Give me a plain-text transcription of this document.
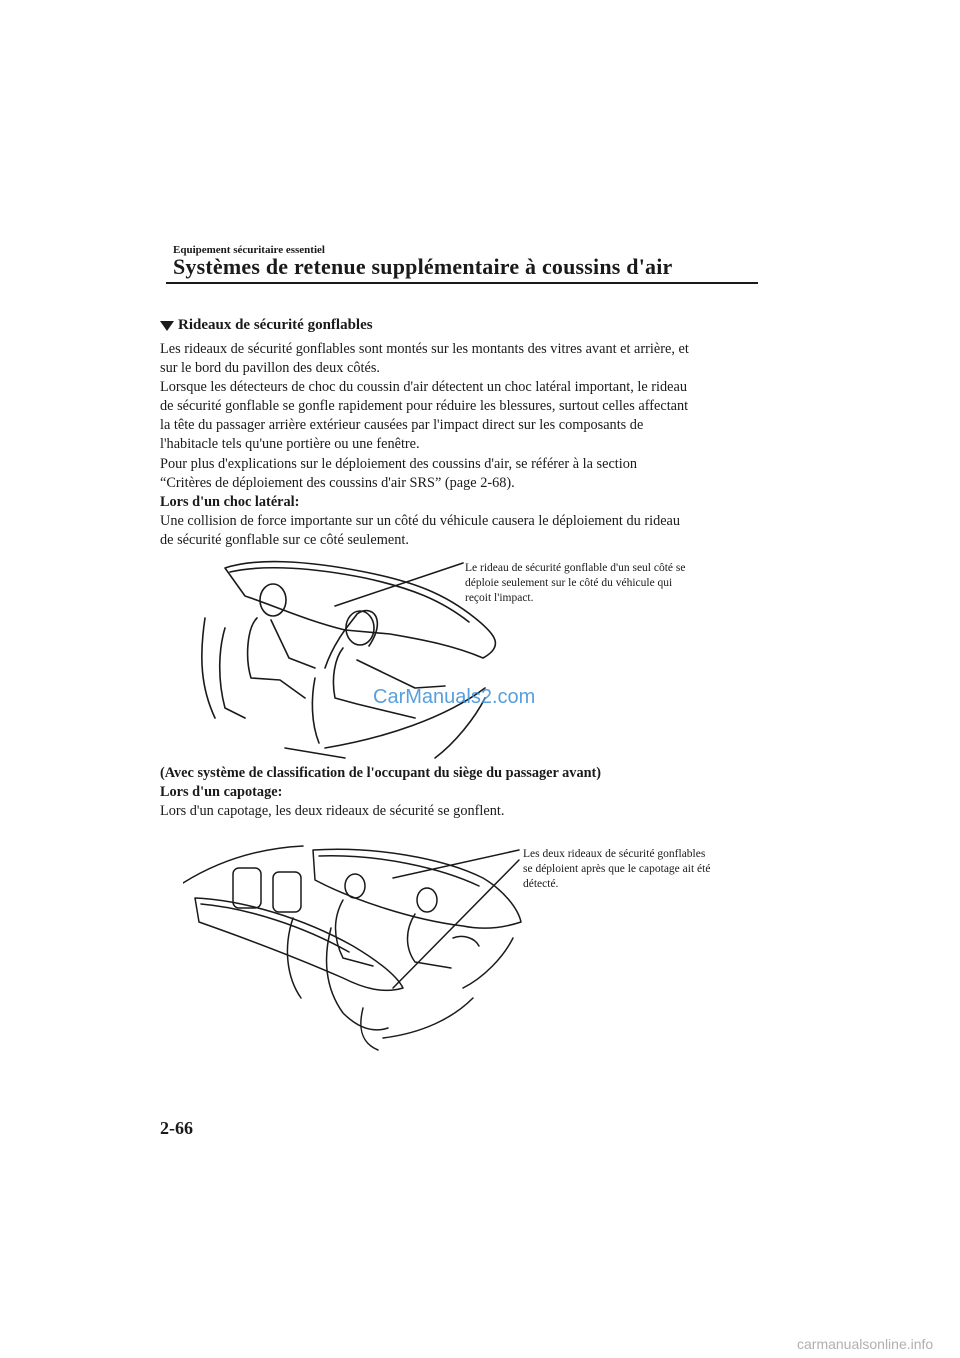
Equipement sécuritaire essentiel
Systèmes de retenue supplémentaire à coussins d'air
Rideaux de sécurité gonflables
Les rideaux de sécurité gonflables sont montés sur les montants des vitres avant et arrière, et
sur le bord du pavillon des deux côtés.
Lorsque les détecteurs de choc du coussin d'air détectent un choc latéral important, le rideau
de sécurité gonflable se gonfle rapidement pour réduire les blessures, surtout celles affectant
la tête du passager arrière extérieur causées par l'impact direct sur les composants de
l'habitacle tels qu'une portière ou une fenêtre.
Pour plus d'explications sur le déploiement des coussins d'air, se référer à la section
“Critères de déploiement des coussins d'air SRS” (page 2-68).
Lors d'un choc latéral:
Une collision de force importante sur un côté du véhicule causera le déploiement du rideau
de sécurité gonflable sur ce côté seulement.
Le rideau de sécurité gonflable d'un seul côté se
déploie seulement sur le côté du véhicule qui
reçoit l'impact.
CarManuals2.com
(Avec système de classification de l'occupant du siège du passager avant)
Lors d'un capotage:
Lors d'un capotage, les deux rideaux de sécurité se gonflent.
Les deux rideaux de sécurité gonflables
se déploient après que le capotage ait été
détecté.
2-66
carmanualsonline.info
